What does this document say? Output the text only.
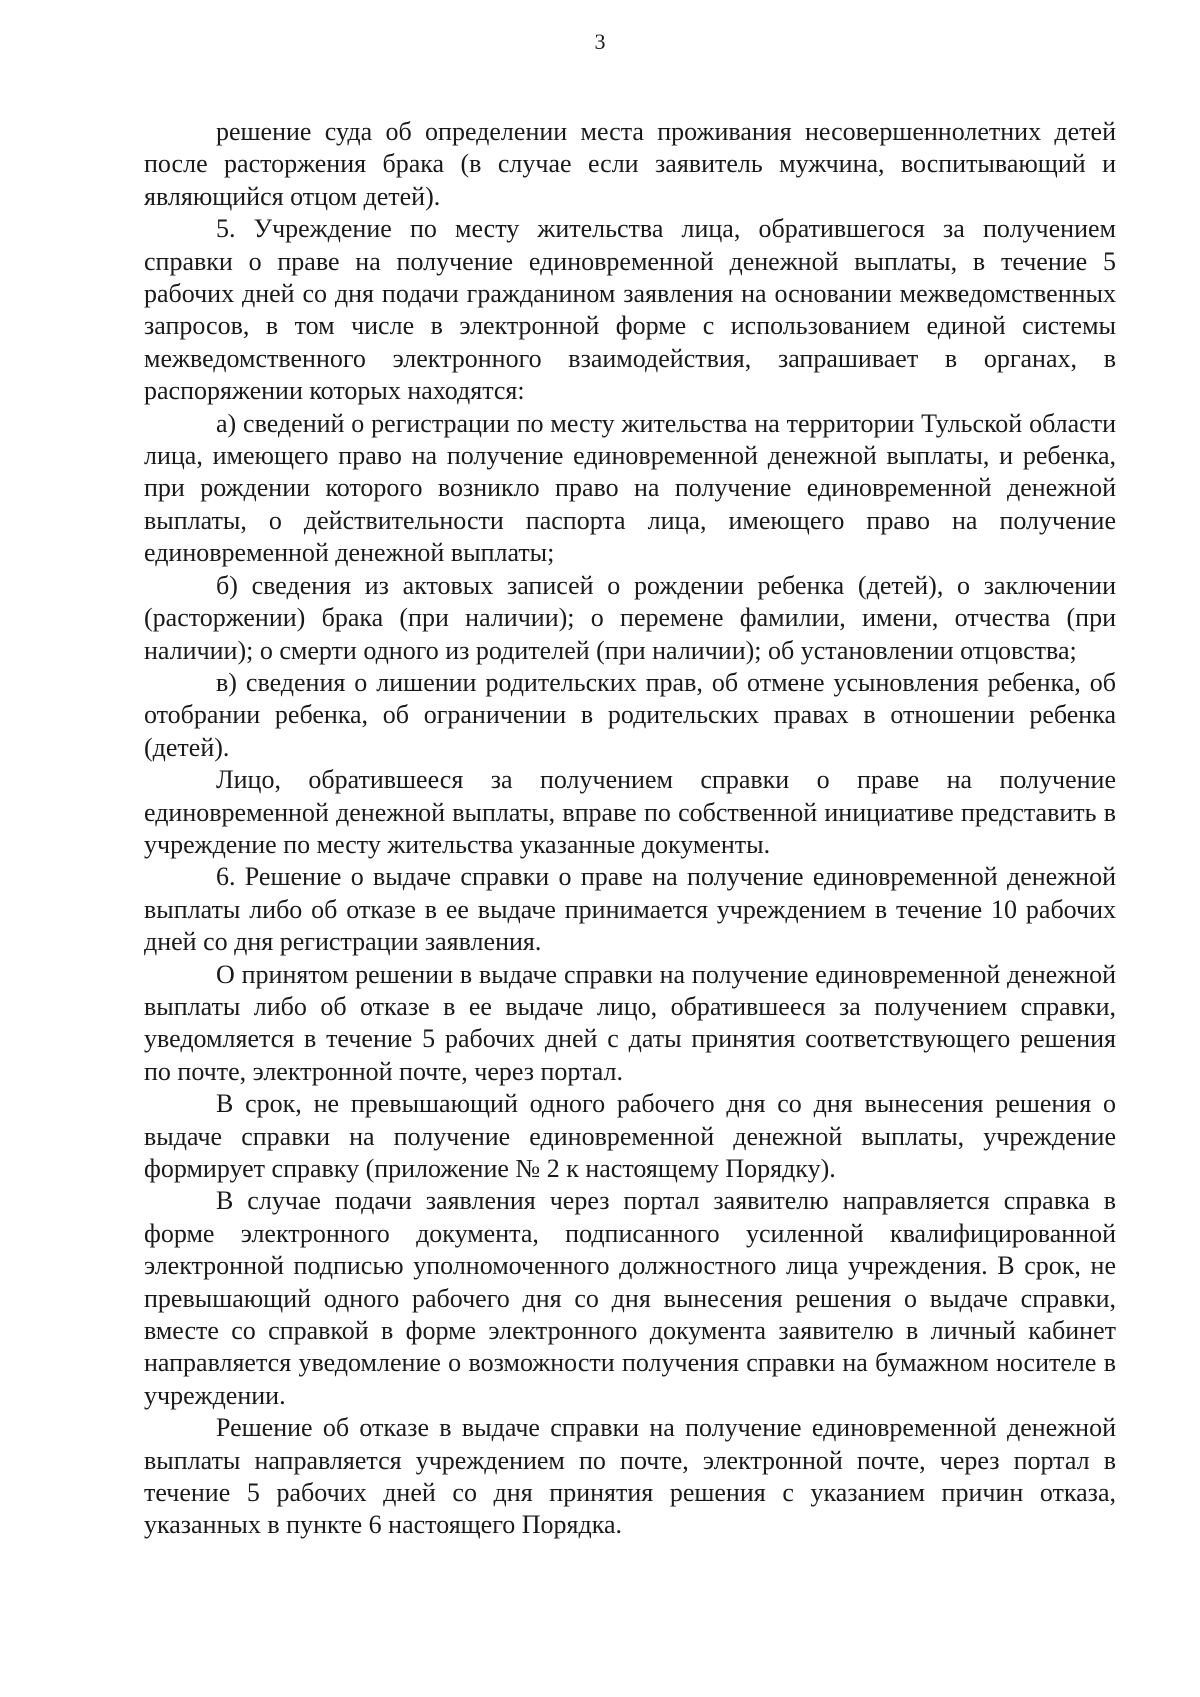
3

решение суда об определении места проживания несовершеннолетних детей после расторжения брака (в случае если заявитель мужчина, воспитывающий и являющийся отцом детей).

5. Учреждение по месту жительства лица, обратившегося за получением справки о праве на получение единовременной денежной выплаты, в течение 5 рабочих дней со дня подачи гражданином заявления на основании межведомственных запросов, в том числе в электронной форме с использованием единой системы межведомственного электронного взаимодействия, запрашивает в органах, в распоряжении которых находятся:

а) сведений о регистрации по месту жительства на территории Тульской области лица, имеющего право на получение единовременной денежной выплаты, и ребенка, при рождении которого возникло право на получение единовременной денежной выплаты, о действительности паспорта лица, имеющего право на получение единовременной денежной выплаты;

б) сведения из актовых записей о рождении ребенка (детей), о заключении (расторжении) брака (при наличии); о перемене фамилии, имени, отчества (при наличии); о смерти одного из родителей (при наличии); об установлении отцовства;

в) сведения о лишении родительских прав, об отмене усыновления ребенка, об отобрании ребенка, об ограничении в родительских правах в отношении ребенка (детей).

Лицо, обратившееся за получением справки о праве на получение единовременной денежной выплаты, вправе по собственной инициативе представить в учреждение по месту жительства указанные документы.

6. Решение о выдаче справки о праве на получение единовременной денежной выплаты либо об отказе в ее выдаче принимается учреждением в течение 10 рабочих дней со дня регистрации заявления.

О принятом решении в выдаче справки на получение единовременной денежной выплаты либо об отказе в ее выдаче лицо, обратившееся за получением справки, уведомляется в течение 5 рабочих дней с даты принятия соответствующего решения по почте, электронной почте, через портал.

В срок, не превышающий одного рабочего дня со дня вынесения решения о выдаче справки на получение единовременной денежной выплаты, учреждение формирует справку (приложение № 2 к настоящему Порядку).

В случае подачи заявления через портал заявителю направляется справка в форме электронного документа, подписанного усиленной квалифицированной электронной подписью уполномоченного должностного лица учреждения. В срок, не превышающий одного рабочего дня со дня вынесения решения о выдаче справки, вместе со справкой в форме электронного документа заявителю в личный кабинет направляется уведомление о возможности получения справки на бумажном носителе в учреждении.

Решение об отказе в выдаче справки на получение единовременной денежной выплаты направляется учреждением по почте, электронной почте, через портал в течение 5 рабочих дней со дня принятия решения с указанием причин отказа, указанных в пункте 6 настоящего Порядка.
